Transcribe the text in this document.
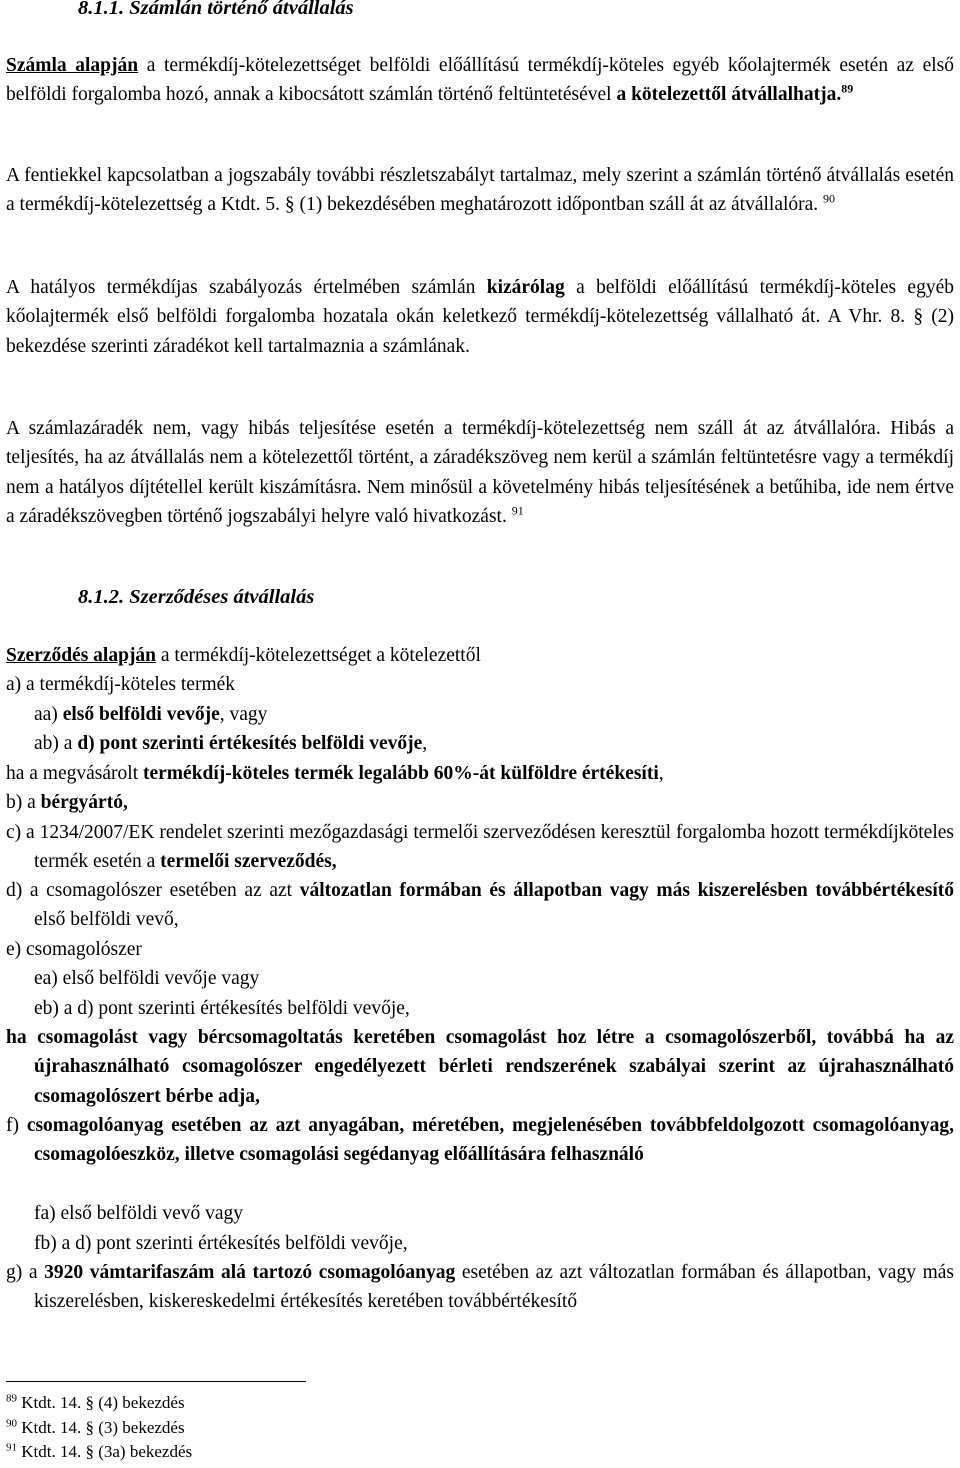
8.1.1. Számlán történő átvállalás

Számla alapján a termékdíj-kötelezettséget belföldi előállítású termékdíj-köteles egyéb kőolajtermék esetén az első belföldi forgalomba hozó, annak a kibocsátott számlán történő feltüntetésével a kötelezettől átvállalhatja.$^{89}$

A fentiekkel kapcsolatban a jogszabály további részletszabályt tartalmaz, mely szerint a számlán történő átvállalás esetén a termékdíj-kötelezettség a Ktdt. 5. § (1) bekezdésében meghatározott időpontban száll át az átvállalóra. $^{90}$

A hatályos termékdíjas szabályozás értelmében számlán kizárólag a belföldi előállítású termékdíj-köteles egyéb kőolajtermék első belföldi forgalomba hozatala okán keletkező termékdíj-kötelezettség vállalható át. A Vhr. 8. § (2) bekezdése szerinti záradékot kell tartalmaznia a számlának.

A számlazáradék nem, vagy hibás teljesítése esetén a termékdíj-kötelezettség nem száll át az átvállalóra. Hibás a teljesítés, ha az átvállalás nem a kötelezettől történt, a záradékszöveg nem kerül a számlán feltüntetésre vagy a termékdíj nem a hatályos díjtétellel került kiszámításra. Nem minősül a követelmény hibás teljesítésének a betűhiba, ide nem értve a záradékszövegben történő jogszabályi helyre való hivatkozást. $^{91}$

8.1.2. Szerződéses átvállalás

Szerződés alapján a termékdíj-kötelezettséget a kötelezettől

a) a termékdíj-köteles termék

aa) első belföldi vevője, vagy

ab) a d) pont szerinti értékesítés belföldi vevője,

ha a megvásárolt termékdíj-köteles termék legalább 60%-át külföldre értékesíti,

b) a bérgyártó,

c) a 1234/2007/EK rendelet szerinti mezőgazdasági termelői szerveződésen keresztül forgalomba hozott termékdíjköteles termék esetén a termelői szerveződés,

d) a csomagolószer esetében az azt változatlan formában és állapotban vagy más kiszerelésben továbbértékesítő első belföldi vevő,

e) csomagolószer

ea) első belföldi vevője vagy

eb) a d) pont szerinti értékesítés belföldi vevője,

ha csomagolást vagy bércsomagoltatás keretében csomagolást hoz létre a csomagolószerből, továbbá ha az újrahasználható csomagolószer engedélyezett bérleti rendszerének szabályai szerint az újrahasználható csomagolószert bérbe adja,

f) csomagolóanyag esetében az azt anyagában, méretében, megjelenésében továbbfeldolgozott csomagolóanyag, csomagolóeszköz, illetve csomagolási segédanyag előállítására felhasználó

fa) első belföldi vevő vagy

fb) a d) pont szerinti értékesítés belföldi vevője,

g) a 3920 vámtarifaszám alá tartozó csomagolóanyag esetében az azt változatlan formában és állapotban, vagy más kiszerelésben, kiskereskedelmi értékesítés keretében továbbértékesítő

$^{89}$ Ktdt. 14. § (4) bekezdés

$^{90}$ Ktdt. 14. § (3) bekezdés

$^{91}$ Ktdt. 14. § (3a) bekezdés
